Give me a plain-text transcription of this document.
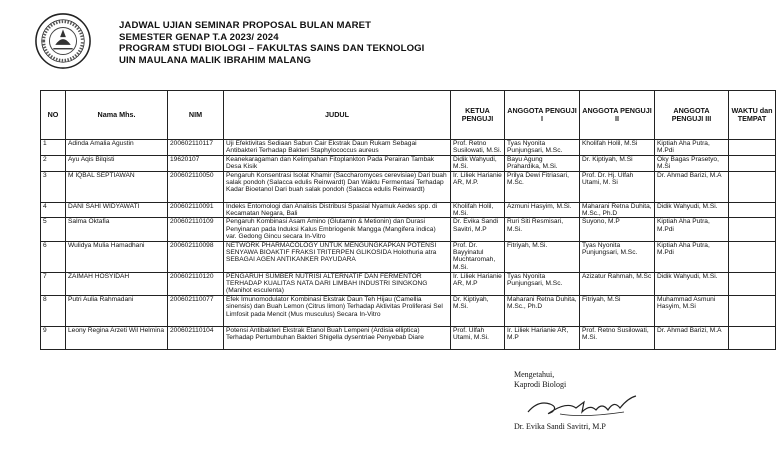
JADWAL UJIAN SEMINAR PROPOSAL BULAN MARET
SEMESTER GENAP T.A 2023/ 2024
PROGRAM STUDI BIOLOGI – FAKULTAS SAINS DAN TEKNOLOGI
UIN MAULANA MALIK IBRAHIM MALANG
NO	Nama Mhs.	NIM	JUDUL	KETUA PENGUJI	ANGGOTA PENGUJI I	ANGGOTA PENGUJI II	ANGGOTA PENGUJI III	WAKTU dan TEMPAT
1	Adinda Amalia Agustin	200602110117	Uji Efektivitas Sediaan Sabun Cair Ekstrak Daun Rukam Sebagai Antibakteri Terhadap Bakteri Staphylococcus aureus	Prof. Retno Susilowati, M.Si.	Tyas Nyonita Punjungsari, M.Sc.	Kholifah Holil, M.Si	Kiptiah Aha Putra, M.Pdi	
2	Ayu Aqis Bilqisti	19620107	Keanekaragaman dan Kelimpahan Fitoplankton Pada Perairan Tambak Desa Kisik	Didik Wahyudi, M.Si.	Bayu Agung Prahardika, M.Si.	Dr. Kiptiyah, M.Si	Oky Bagas Prasetyo, M.Si	
3	M IQBAL SEPTIAWAN	200602110050	Pengaruh Konsentrasi Isolat Khamir (Saccharomyces cerevisiae) Dari buah salak pondoh (Salacca edulis Reinwardt) Dan Waktu Fermentasi Terhadap Kadar Bioetanol Dari buah salak pondoh (Salacca edulis Reinwardt)	Ir. Liliek Harianie AR, M.P.	Prilya Dewi Fitriasari, M.Sc.	Prof. Dr. Hj. Ulfah Utami, M. Si	Dr. Ahmad Barizi, M.A	
4	DANI SAHI WIDYAWATI	200602110091	Indeks Entomologi dan Analisis Distribusi Spasial Nyamuk Aedes spp. di Kecamatan Negara, Bali	Kholifah Holil, M.Si.	Azmuni Hasyim, M.Si.	Maharani Retna Duhita, M.Sc., Ph.D	Didik Wahyudi, M.Si.	
5	Salma Oktafia	200602110109	Pengaruh Kombinasi Asam Amino (Glutamin & Metionin) dan Durasi Penyinaran pada Induksi Kalus Embriogenik Mangga (Mangifera indica) var. Gedong Gincu secara In-Vitro	Dr. Evika Sandi Savitri, M.P	Ruri Siti Resmisari, M.Si.	Suyono, M.P	Kiptiah Aha Putra, M.Pdi	
6	Wulidya Mulia Hamadhani	200602110098	NETWORK PHARMACOLOGY UNTUK MENGUNGKAPKAN POTENSI SENYAWA BIOAKTIF FRAKSI TRITERPEN GLIKOSIDA Holothuria atra SEBAGAI AGEN ANTIKANKER PAYUDARA	Prof. Dr. Bayyinatul Muchtaromah, M.Si.	Fitriyah, M.Si.	Tyas Nyonita Punjungsari, M.Sc.	Kiptiah Aha Putra, M.Pdi	
7	ZAIMAH HOSYIDAH	200602110120	PENGARUH SUMBER NUTRISI ALTERNATIF DAN FERMENTOR TERHADAP KUALITAS NATA DARI LIMBAH INDUSTRI SINGKONG (Manihot esculenta)	Ir. Liliek Harianie AR, M.P	Tyas Nyonita Punjungsari, M.Sc.	Azizatur Rahmah, M.Sc	Didik Wahyudi, M.Si.	
8	Putri Aulia Rahmadani	200602110077	Efek Imunomodulator Kombinasi Ekstrak Daun Teh Hijau (Camellia sinensis) dan Buah Lemon (Citrus limon) Terhadap Aktivitas Proliferasi Sel Limfosit pada Mencit (Mus musculus) Secara In-Vitro	Dr. Kiptiyah, M.Si.	Maharani Retna Duhita, M.Sc., Ph.D	Fitriyah, M.Si	Muhammad Asmuni Hasyim, M.Si	
9	Leony Regina Arzeti Wil Helmina	200602110104	Potensi Antibakteri Ekstrak Etanol Buah Lempeni (Ardisia elliptica) Terhadap Pertumbuhan Bakteri Shigella dysentriae Penyebab Diare	Prof. Ulfah Utami, M.Si.	Ir. Liliek Harianie AR, M.P	Prof. Retno Susilowati, M.Si.	Dr. Ahmad Barizi, M.A	
Mengetahui,
Kaprodi Biologi
Dr. Evika Sandi Savitri, M.P
